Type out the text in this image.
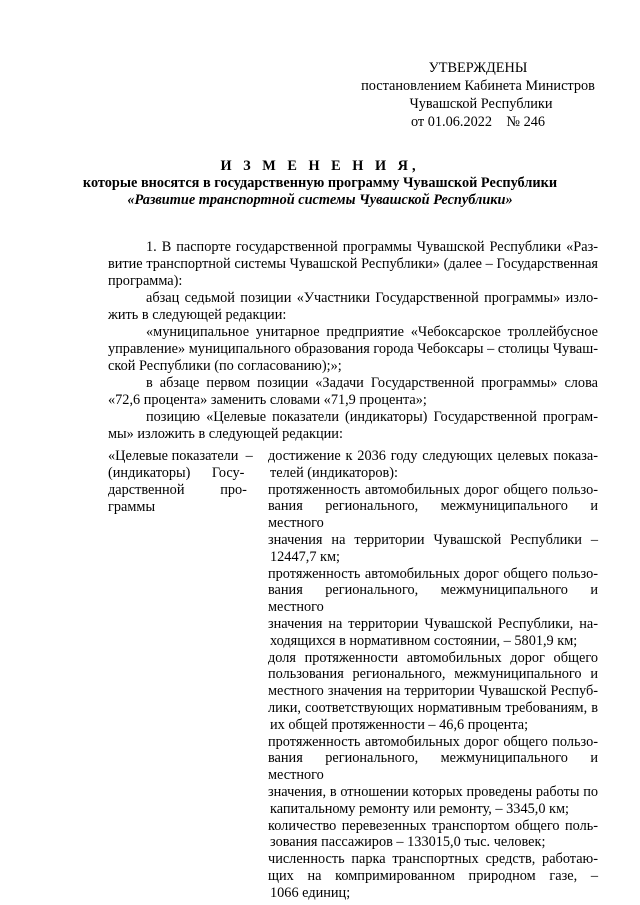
УТВЕРЖДЕНЫ
постановлением Кабинета Министров
Чувашской Республики
от 01.06.2022    № 246
И З М Е Н Е Н И Я,
которые вносятся в государственную программу Чувашской Республики
«Развитие транспортной системы Чувашской Республики»
1. В паспорте государственной программы Чувашской Республики «Раз-
витие транспортной системы Чувашской Республики» (далее – Государственная
программа):
абзац седьмой позиции «Участники Государственной программы» изло-
жить в следующей редакции:
«муниципальное унитарное предприятие «Чебоксарское троллейбусное
управление» муниципального образования города Чебоксары – столицы Чуваш-
ской Республики (по согласованию);»;
в абзаце первом позиции «Задачи Государственной программы» слова
«72,6 процента» заменить словами «71,9 процента»;
позицию «Целевые показатели (индикаторы) Государственной програм-
мы» изложить в следующей редакции:
«Целевые показатели  –
(индикаторы)      Госу-
дарственной          про-
граммы
достижение к 2036 году следующих целевых показа-
телей (индикаторов):
протяженность автомобильных дорог общего пользо-
вания регионального, межмуниципального и местного
значения на территории Чувашской Республики –
12447,7 км;
протяженность автомобильных дорог общего пользо-
вания регионального, межмуниципального и местного
значения на территории Чувашской Республики, на-
ходящихся в нормативном состоянии, – 5801,9 км;
доля протяженности автомобильных дорог общего
пользования регионального, межмуниципального и
местного значения на территории Чувашской Респуб-
лики, соответствующих нормативным требованиям, в
их общей протяженности – 46,6 процента;
протяженность автомобильных дорог общего пользо-
вания регионального, межмуниципального и местного
значения, в отношении которых проведены работы по
капитальному ремонту или ремонту, – 3345,0 км;
количество перевезенных транспортом общего поль-
зования пассажиров – 133015,0 тыс. человек;
численность парка транспортных средств, работаю-
щих на компримированном природном газе, –
1066 единиц;
